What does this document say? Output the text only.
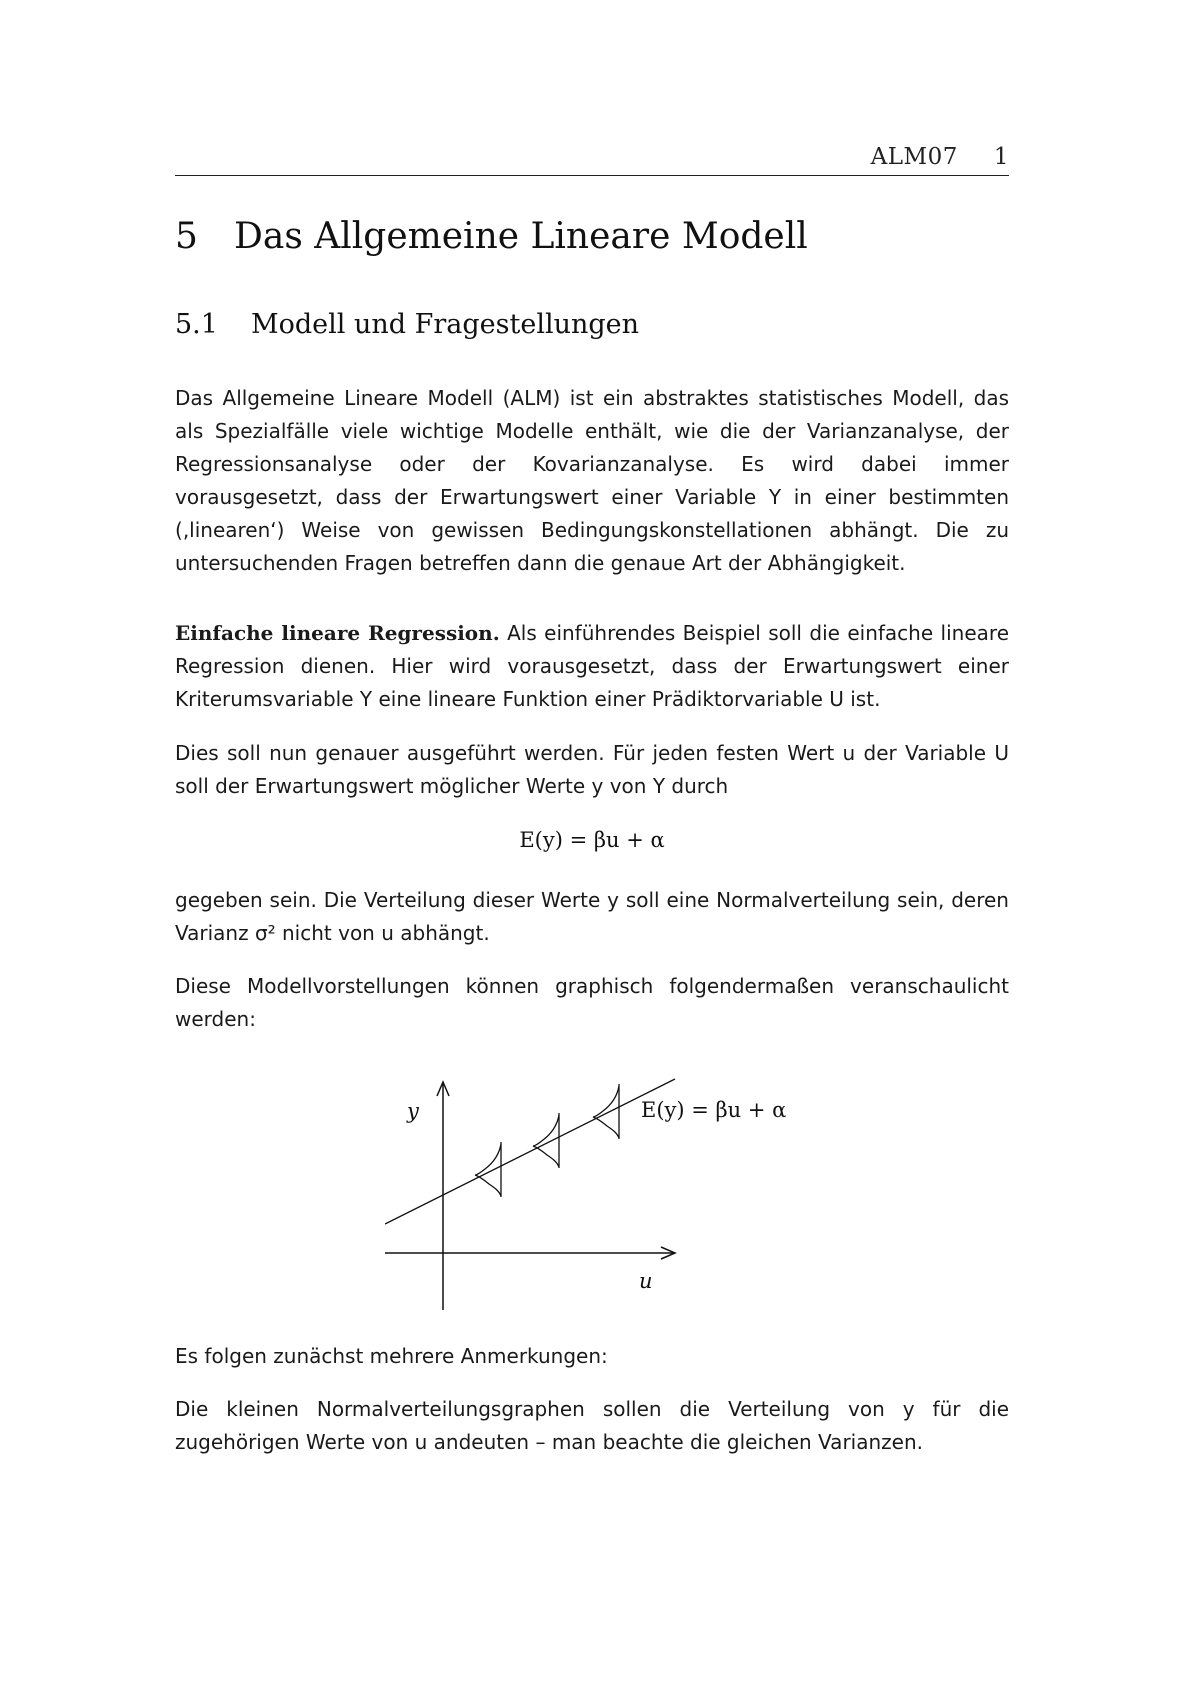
ALM07 1
5 Das Allgemeine Lineare Modell
5.1 Modell und Fragestellungen

Das Allgemeine Lineare Modell (ALM) ist ein abstraktes statistisches Modell, das als Spezialfälle viele wichtige Modelle enthält, wie die der Varianzanalyse, der Regressionsanalyse oder der Kovarianzanalyse. Es wird dabei immer vorausgesetzt, dass der Erwartungswert einer Variable Y in einer bestimmten (‚linearen‘) Weise von gewissen Bedingungskonstellationen abhängt. Die zu untersuchenden Fragen betreffen dann die genaue Art der Abhängigkeit.

Einfache lineare Regression. Als einführendes Beispiel soll die einfache lineare Regression dienen. Hier wird vorausgesetzt, dass der Erwartungswert einer Kriterumsvariable Y eine lineare Funktion einer Prädiktorvariable U ist.

Dies soll nun genauer ausgeführt werden. Für jeden festen Wert u der Variable U soll der Erwartungswert möglicher Werte y von Y durch

E(y) = βu + α

gegeben sein. Die Verteilung dieser Werte y soll eine Normalverteilung sein, deren Varianz σ² nicht von u abhängt.

Diese Modellvorstellungen können graphisch folgendermaßen veranschaulicht werden:

y
u
E(y) = βu + α

Es folgen zunächst mehrere Anmerkungen:

Die kleinen Normalverteilungsgraphen sollen die Verteilung von y für die zugehörigen Werte von u andeuten – man beachte die gleichen Varianzen.
